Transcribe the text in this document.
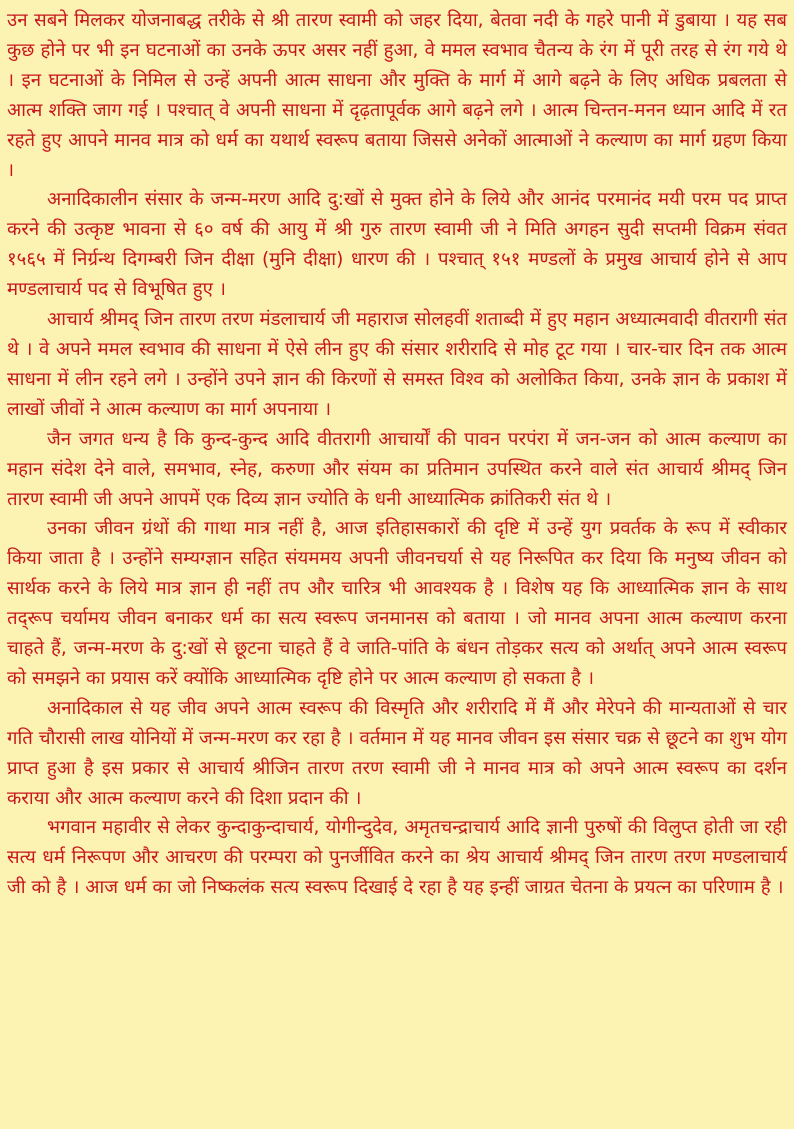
उन सबने मिलकर योजनाबद्ध तरीके से श्री तारण स्वामी को जहर दिया, बेतवा नदी के गहरे पानी में डुबाया । यह सब कुछ होने पर भी इन घटनाओं का उनके ऊपर असर नहीं हुआ, वे ममल स्वभाव चैतन्य के रंग में पूरी तरह से रंग गये थे । इन घटनाओं के निमिल से उन्हें अपनी आत्म साधना और मुक्ति के मार्ग में आगे बढ़ने के लिए अधिक प्रबलता से आत्म शक्ति जाग गई । पश्चात् वे अपनी साधना में दृढ़तापूर्वक आगे बढ़ने लगे । आत्म चिन्तन-मनन ध्यान आदि में रत रहते हुए आपने मानव मात्र को धर्म का यथार्थ स्वरूप बताया जिससे अनेकों आत्माओं ने कल्याण का मार्ग ग्रहण किया ।

अनादिकालीन संसार के जन्म-मरण आदि दु:खों से मुक्त होने के लिये और आनंद परमानंद मयी परम पद प्राप्त करने की उत्कृष्ट भावना से ६० वर्ष की आयु में श्री गुरु तारण स्वामी जी ने मिति अगहन सुदी सप्तमी विक्रम संवत १५६५ में निर्ग्रन्थ दिगम्बरी जिन दीक्षा (मुनि दीक्षा) धारण की । पश्चात् १५१ मण्डलों के प्रमुख आचार्य होने से आप मण्डलाचार्य पद से विभूषित हुए ।

आचार्य श्रीमद् जिन तारण तरण मंडलाचार्य जी महाराज सोलहवीं शताब्दी में हुए महान अध्यात्मवादी वीतरागी संत थे । वे अपने ममल स्वभाव की साधना में ऐसे लीन हुए की संसार शरीरादि से मोह टूट गया । चार-चार दिन तक आत्म साधना में लीन रहने लगे । उन्होंने उपने ज्ञान की किरणों से समस्त विश्व को अलोकित किया, उनके ज्ञान के प्रकाश में लाखों जीवों ने आत्म कल्याण का मार्ग अपनाया ।

जैन जगत धन्य है कि कुन्द-कुन्द आदि वीतरागी आचार्यों की पावन परपंरा में जन-जन को आत्म कल्याण का महान संदेश देने वाले, समभाव, स्नेह, करुणा और संयम का प्रतिमान उपस्थित करने वाले संत आचार्य श्रीमद् जिन तारण स्वामी जी अपने आपमें एक दिव्य ज्ञान ज्योति के धनी आध्यात्मिक क्रांतिकरी संत थे ।

उनका जीवन ग्रंथों की गाथा मात्र नहीं है, आज इतिहासकारों की दृष्टि में उन्हें युग प्रवर्तक के रूप में स्वीकार किया जाता है । उन्होंने सम्यग्ज्ञान सहित संयममय अपनी जीवनचर्या से यह निरूपित कर दिया कि मनुष्य जीवन को सार्थक करने के लिये मात्र ज्ञान ही नहीं तप और चारित्र भी आवश्यक है । विशेष यह कि आध्यात्मिक ज्ञान के साथ तद्‌रूप चर्यामय जीवन बनाकर धर्म का सत्य स्वरूप जनमानस को बताया । जो मानव अपना आत्म कल्याण करना चाहते हैं, जन्म-मरण के दु:खों से छूटना चाहते हैं वे जाति-पांति के बंधन तोड़कर सत्य को अर्थात् अपने आत्म स्वरूप को समझने का प्रयास करें क्योंकि आध्यात्मिक दृष्टि होने पर आत्म कल्याण हो सकता है ।

अनादिकाल से यह जीव अपने आत्म स्वरूप की विस्मृति और शरीरादि में मैं और मेरेपने की मान्यताओं से चार गति चौरासी लाख योनियों में जन्म-मरण कर रहा है । वर्तमान में यह मानव जीवन इस संसार चक्र से छूटने का शुभ योग प्राप्त हुआ है इस प्रकार से आचार्य श्रीजिन तारण तरण स्वामी जी ने मानव मात्र को अपने आत्म स्वरूप का दर्शन कराया और आत्म कल्याण करने की दिशा प्रदान की ।

भगवान महावीर से लेकर कुन्दाकुन्दाचार्य, योगीन्दुदेव, अमृतचन्द्राचार्य आदि ज्ञानी पुरुषों की विलुप्त होती जा रही सत्य धर्म निरूपण और आचरण की परम्परा को पुनर्जीवित करने का श्रेय आचार्य श्रीमद् जिन तारण तरण मण्डलाचार्य जी को है । आज धर्म का जो निष्कलंक सत्य स्वरूप दिखाई दे रहा है यह इन्हीं जाग्रत चेतना के प्रयत्न का परिणाम है ।
